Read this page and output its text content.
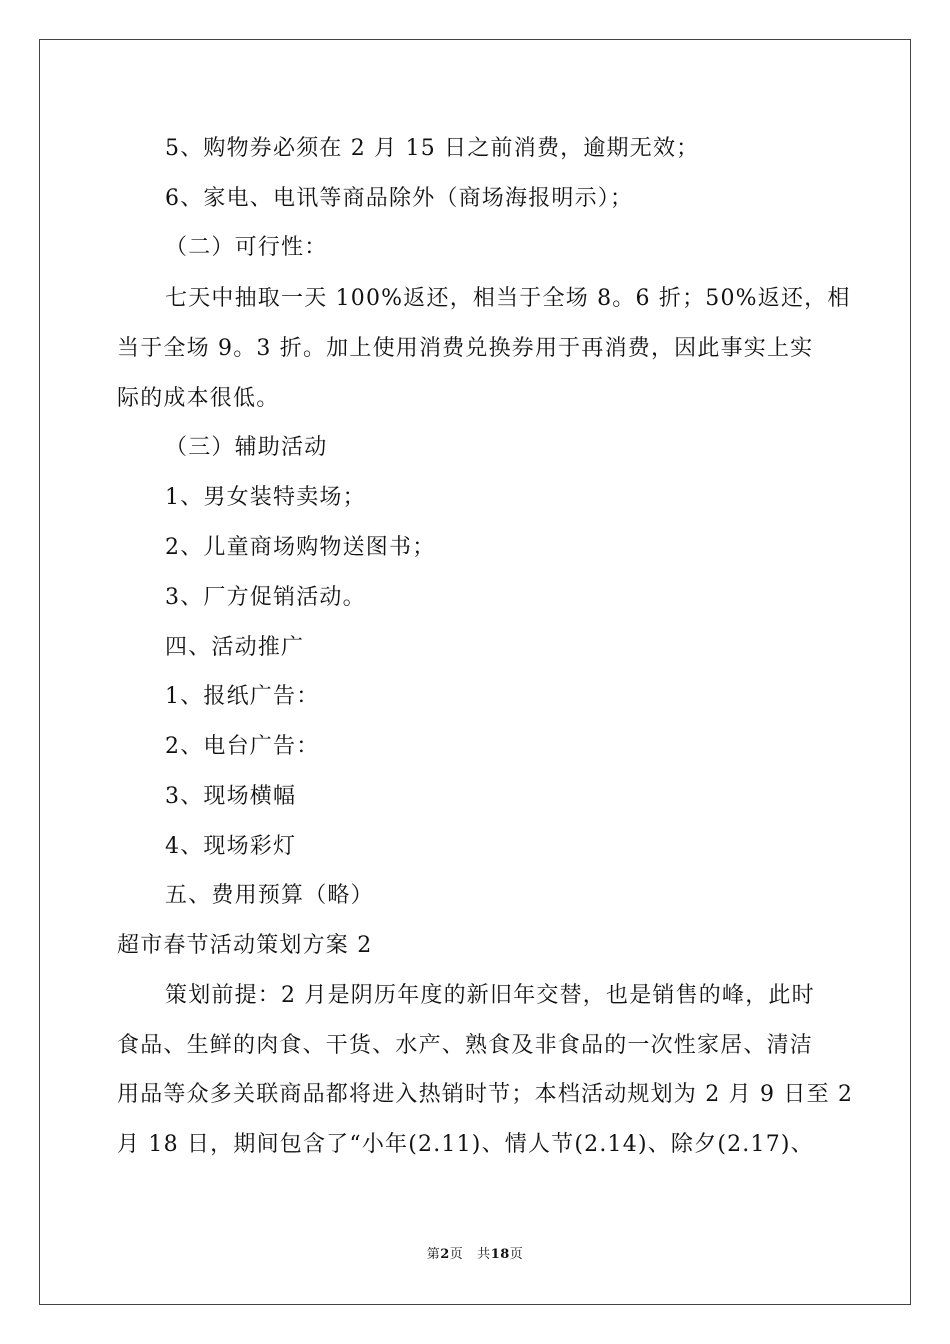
5、购物券必须在 2 月 15 日之前消费，逾期无效；
6、家电、电讯等商品除外（商场海报明示）；
（二）可行性：
七天中抽取一天 100%返还，相当于全场 8。6 折；50%返还，相
当于全场 9。3 折。加上使用消费兑换券用于再消费，因此事实上实
际的成本很低。
（三）辅助活动
1、男女装特卖场；
2、儿童商场购物送图书；
3、厂方促销活动。
四、活动推广
1、报纸广告：
2、电台广告：
3、现场横幅
4、现场彩灯
五、费用预算（略）
超市春节活动策划方案 2
策划前提：2 月是阴历年度的新旧年交替，也是销售的峰，此时
食品、生鲜的肉食、干货、水产、熟食及非食品的一次性家居、清洁
用品等众多关联商品都将进入热销时节；本档活动规划为 2 月 9 日至 2
月 18 日，期间包含了“小年(2.11)、情人节(2.14)、除夕(2.17)、
第2页 共18页
